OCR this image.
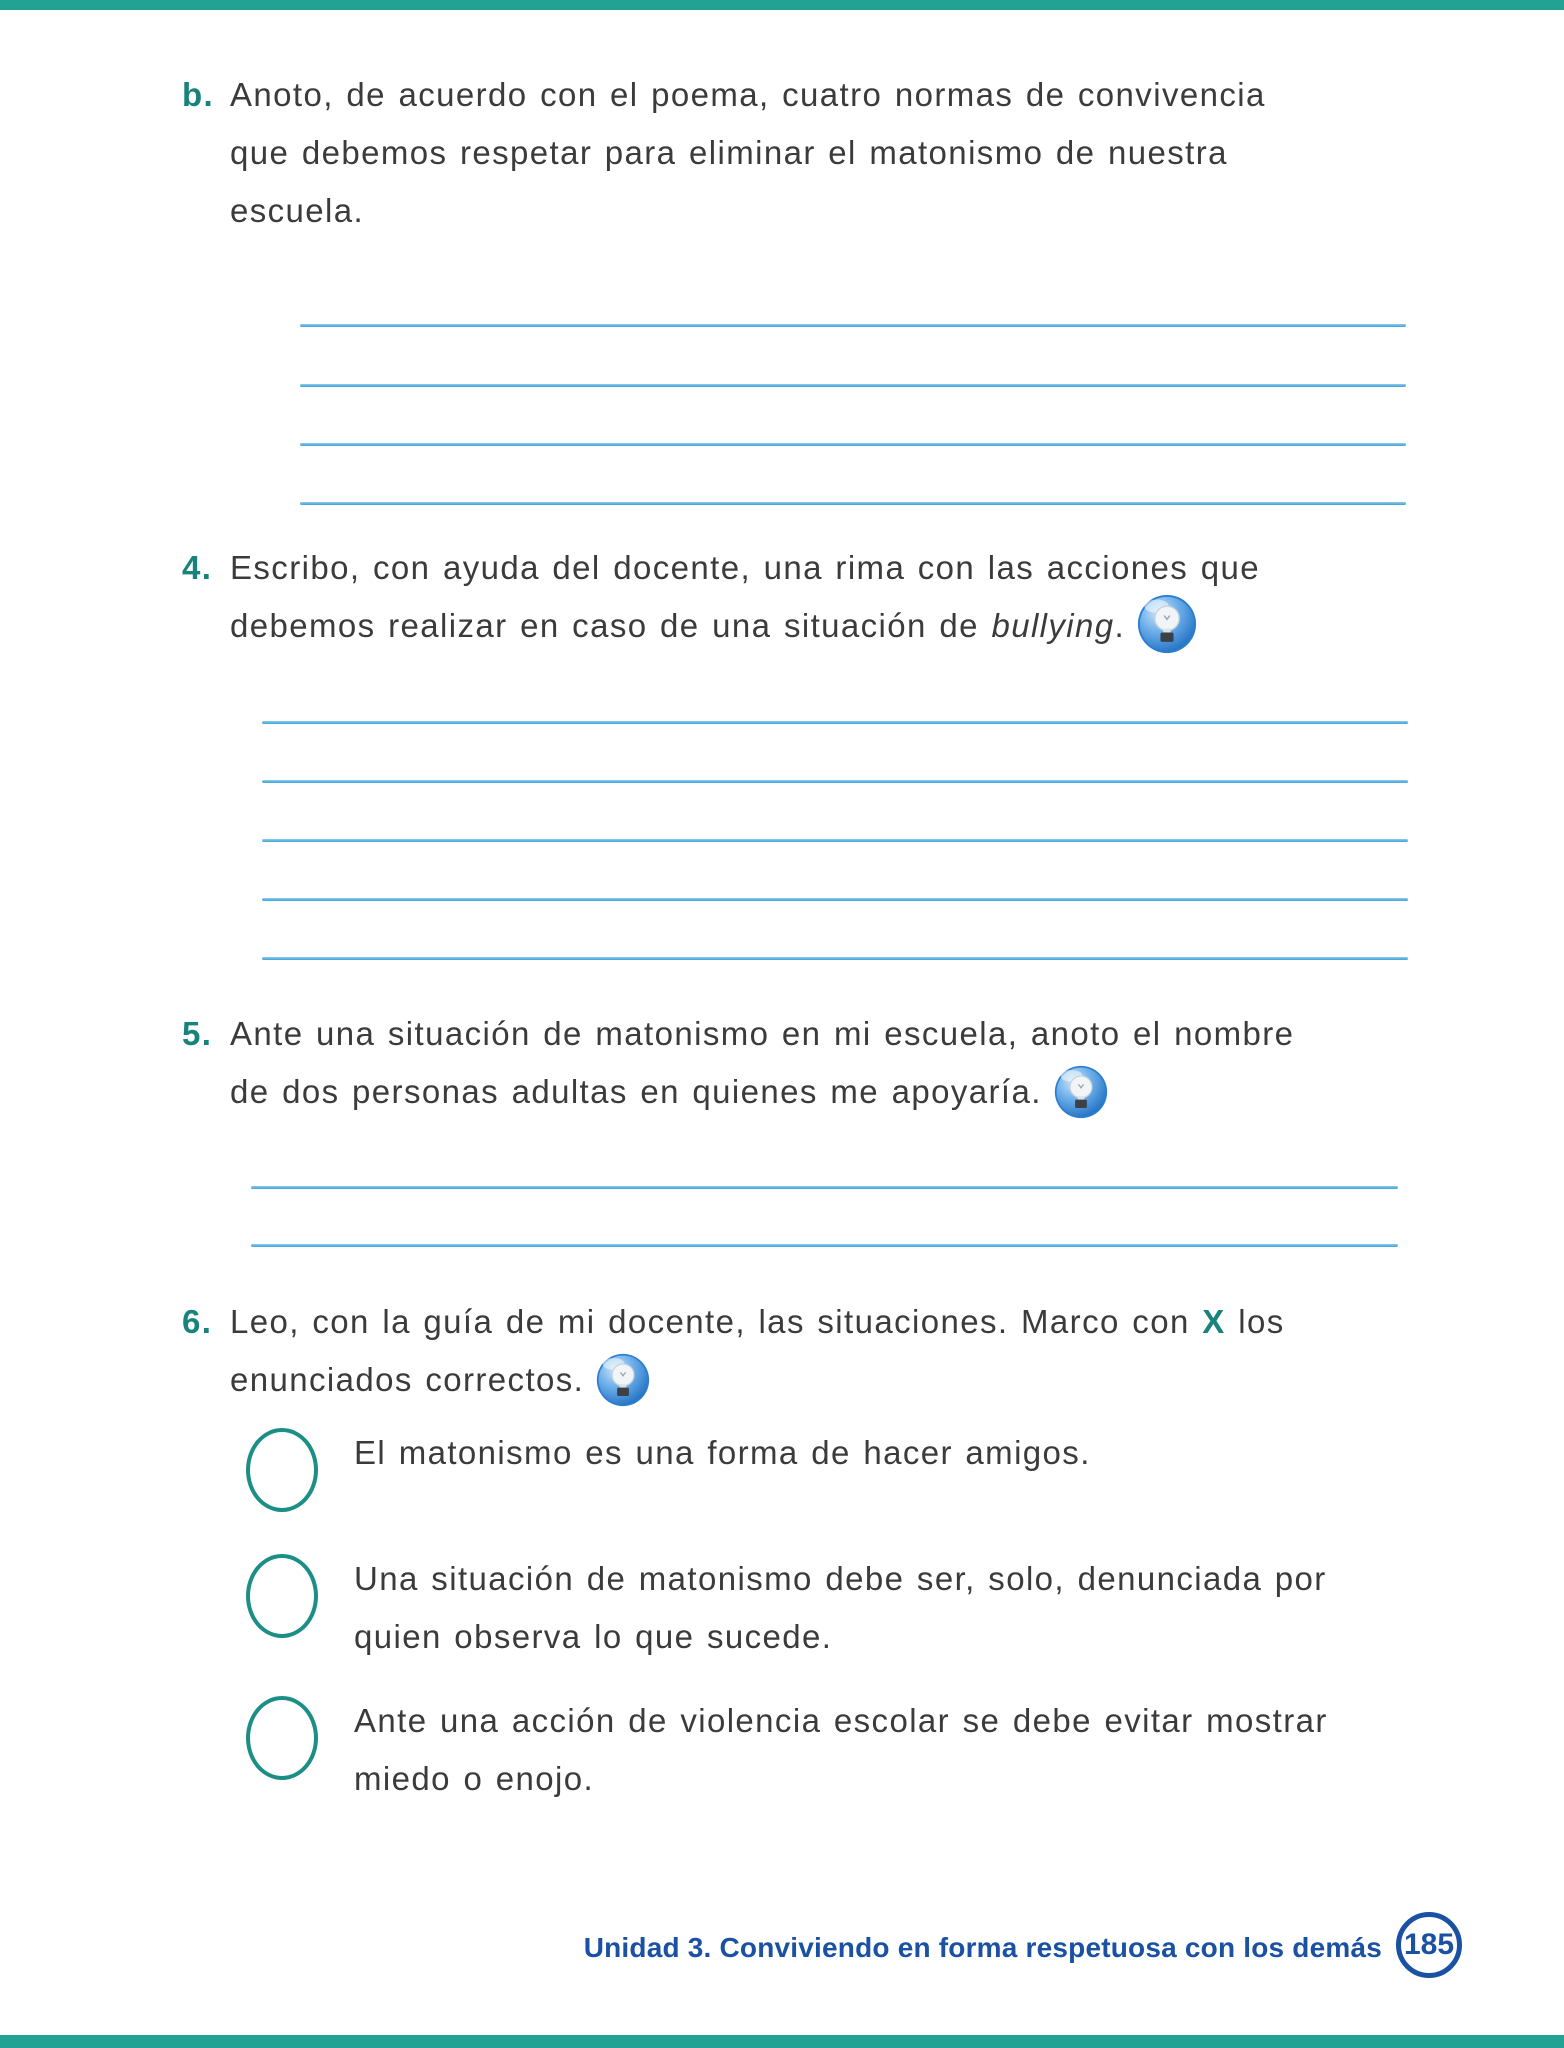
b. Anoto, de acuerdo con el poema, cuatro normas de convivencia
que debemos respetar para eliminar el matonismo de nuestra
escuela.
4. Escribo, con ayuda del docente, una rima con las acciones que
debemos realizar en caso de una situación de bullying.
5. Ante una situación de matonismo en mi escuela, anoto el nombre
de dos personas adultas en quienes me apoyaría.
6. Leo, con la guía de mi docente, las situaciones. Marco con X los
enunciados correctos.
El matonismo es una forma de hacer amigos.
Una situación de matonismo debe ser, solo, denunciada por
quien observa lo que sucede.
Ante una acción de violencia escolar se debe evitar mostrar
miedo o enojo.
Unidad 3. Conviviendo en forma respetuosa con los demás 185
